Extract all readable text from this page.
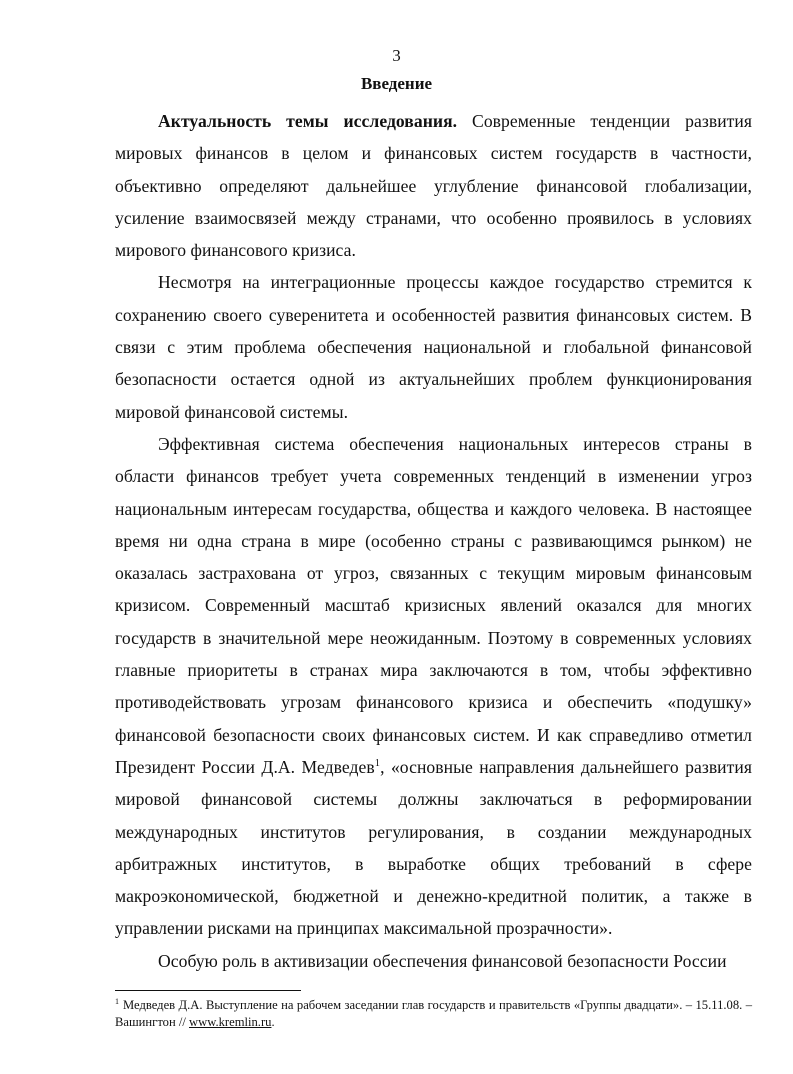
3

Введение

Актуальность темы исследования. Современные тенденции развития мировых финансов в целом и финансовых систем государств в частности, объективно определяют дальнейшее углубление финансовой глобализации, усиление взаимосвязей между странами, что особенно проявилось в условиях мирового финансового кризиса.

Несмотря на интеграционные процессы каждое государство стремится к сохранению своего суверенитета и особенностей развития финансовых систем. В связи с этим проблема обеспечения национальной и глобальной финансовой безопасности остается одной из актуальнейших проблем функционирования мировой финансовой системы.

Эффективная система обеспечения национальных интересов страны в области финансов требует учета современных тенденций в изменении угроз национальным интересам государства, общества и каждого человека. В настоящее время ни одна страна в мире (особенно страны с развивающимся рынком) не оказалась застрахована от угроз, связанных с текущим мировым финансовым кризисом. Современный масштаб кризисных явлений оказался для многих государств в значительной мере неожиданным. Поэтому в современных условиях главные приоритеты в странах мира заключаются в том, чтобы эффективно противодействовать угрозам финансового кризиса и обеспечить «подушку» финансовой безопасности своих финансовых систем. И как справедливо отметил Президент России Д.А. Медведев$^1$, «основные направления дальнейшего развития мировой финансовой системы должны заключаться в реформировании международных институтов регулирования, в создании международных арбитражных институтов, в выработке общих требований в сфере макроэкономической, бюджетной и денежно-кредитной политик, а также в управлении рисками на принципах максимальной прозрачности».

Особую роль в активизации обеспечения финансовой безопасности России

$^1$ Медведев Д.А. Выступление на рабочем заседании глав государств и правительств «Группы двадцати». – 15.11.08. – Вашингтон // www.kremlin.ru.
